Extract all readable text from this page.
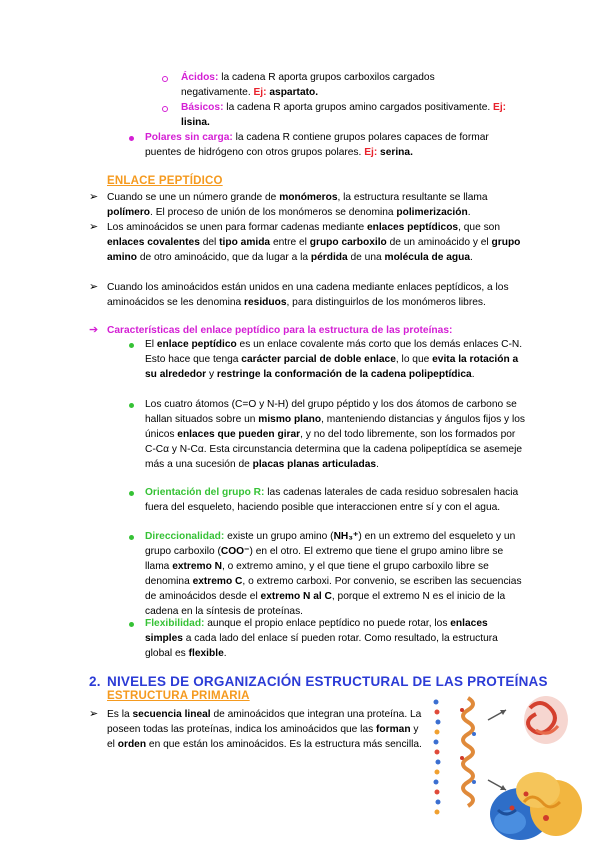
Ácidos: la cadena R aporta grupos carboxilos cargados negativamente. Ej: aspartato.
Básicos: la cadena R aporta grupos amino cargados positivamente. Ej: lisina.
Polares sin carga: la cadena R contiene grupos polares capaces de formar puentes de hidrógeno con otros grupos polares. Ej: serina.
ENLACE PEPTÍDICO
➢ Cuando se une un número grande de monómeros, la estructura resultante se llama polímero. El proceso de unión de los monómeros se denomina polimerización.
➢ Los aminoácidos se unen para formar cadenas mediante enlaces peptídicos, que son enlaces covalentes del tipo amida entre el grupo carboxilo de un aminoácido y el grupo amino de otro aminoácido, que da lugar a la pérdida de una molécula de agua.
➢ Cuando los aminoácidos están unidos en una cadena mediante enlaces peptídicos, a los aminoácidos se les denomina residuos, para distinguirlos de los monómeros libres.
➔ Características del enlace peptídico para la estructura de las proteínas:
El enlace peptídico es un enlace covalente más corto que los demás enlaces C-N. Esto hace que tenga carácter parcial de doble enlace, lo que evita la rotación a su alrededor y restringe la conformación de la cadena polipeptídica.
Los cuatro átomos (C=O y N-H) del grupo péptido y los dos átomos de carbono se hallan situados sobre un mismo plano, manteniendo distancias y ángulos fijos y los únicos enlaces que pueden girar, y no del todo libremente, son los formados por C-Cα y N-Cα. Esta circunstancia determina que la cadena polipeptídica se asemeje más a una sucesión de placas planas articuladas.
Orientación del grupo R: las cadenas laterales de cada residuo sobresalen hacia fuera del esqueleto, haciendo posible que interaccionen entre sí y con el agua.
Direccionalidad: existe un grupo amino (NH₃⁺) en un extremo del esqueleto y un grupo carboxilo (COO⁻) en el otro. El extremo que tiene el grupo amino libre se llama extremo N, o extremo amino, y el que tiene el grupo carboxilo libre se denomina extremo C, o extremo carboxi. Por convenio, se escriben las secuencias de aminoácidos desde el extremo N al C, porque el extremo N es el inicio de la cadena en la síntesis de proteínas.
Flexibilidad: aunque el propio enlace peptídico no puede rotar, los enlaces simples a cada lado del enlace sí pueden rotar. Como resultado, la estructura global es flexible.
2. NIVELES DE ORGANIZACIÓN ESTRUCTURAL DE LAS PROTEÍNAS
ESTRUCTURA PRIMARIA
➢ Es la secuencia lineal de aminoácidos que integran una proteína. La poseen todas las proteínas, indica los aminoácidos que las forman y el orden en que están los aminoácidos. Es la estructura más sencilla.
